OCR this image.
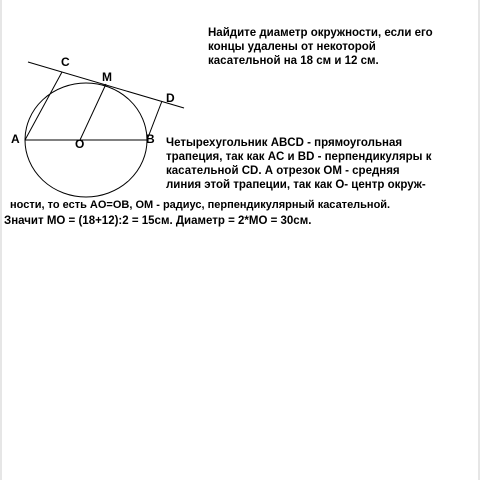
C
M
D
A	B
O
Найдите диаметр окружности, если его
концы удалены от некоторой
касательной на 18 см и 12 см.
Четырехугольник ABCD - прямоугольная
трапеция, так как AC и BD - перпендикуляры к
касательной CD. А отрезок OM - средняя
линия этой трапеции, так как O- центр окруж-
ности, то есть AO=OB, OM - радиус, перпендикулярный касательной.
Значит MO = (18+12):2 = 15см. Диаметр = 2*MO = 30см.
